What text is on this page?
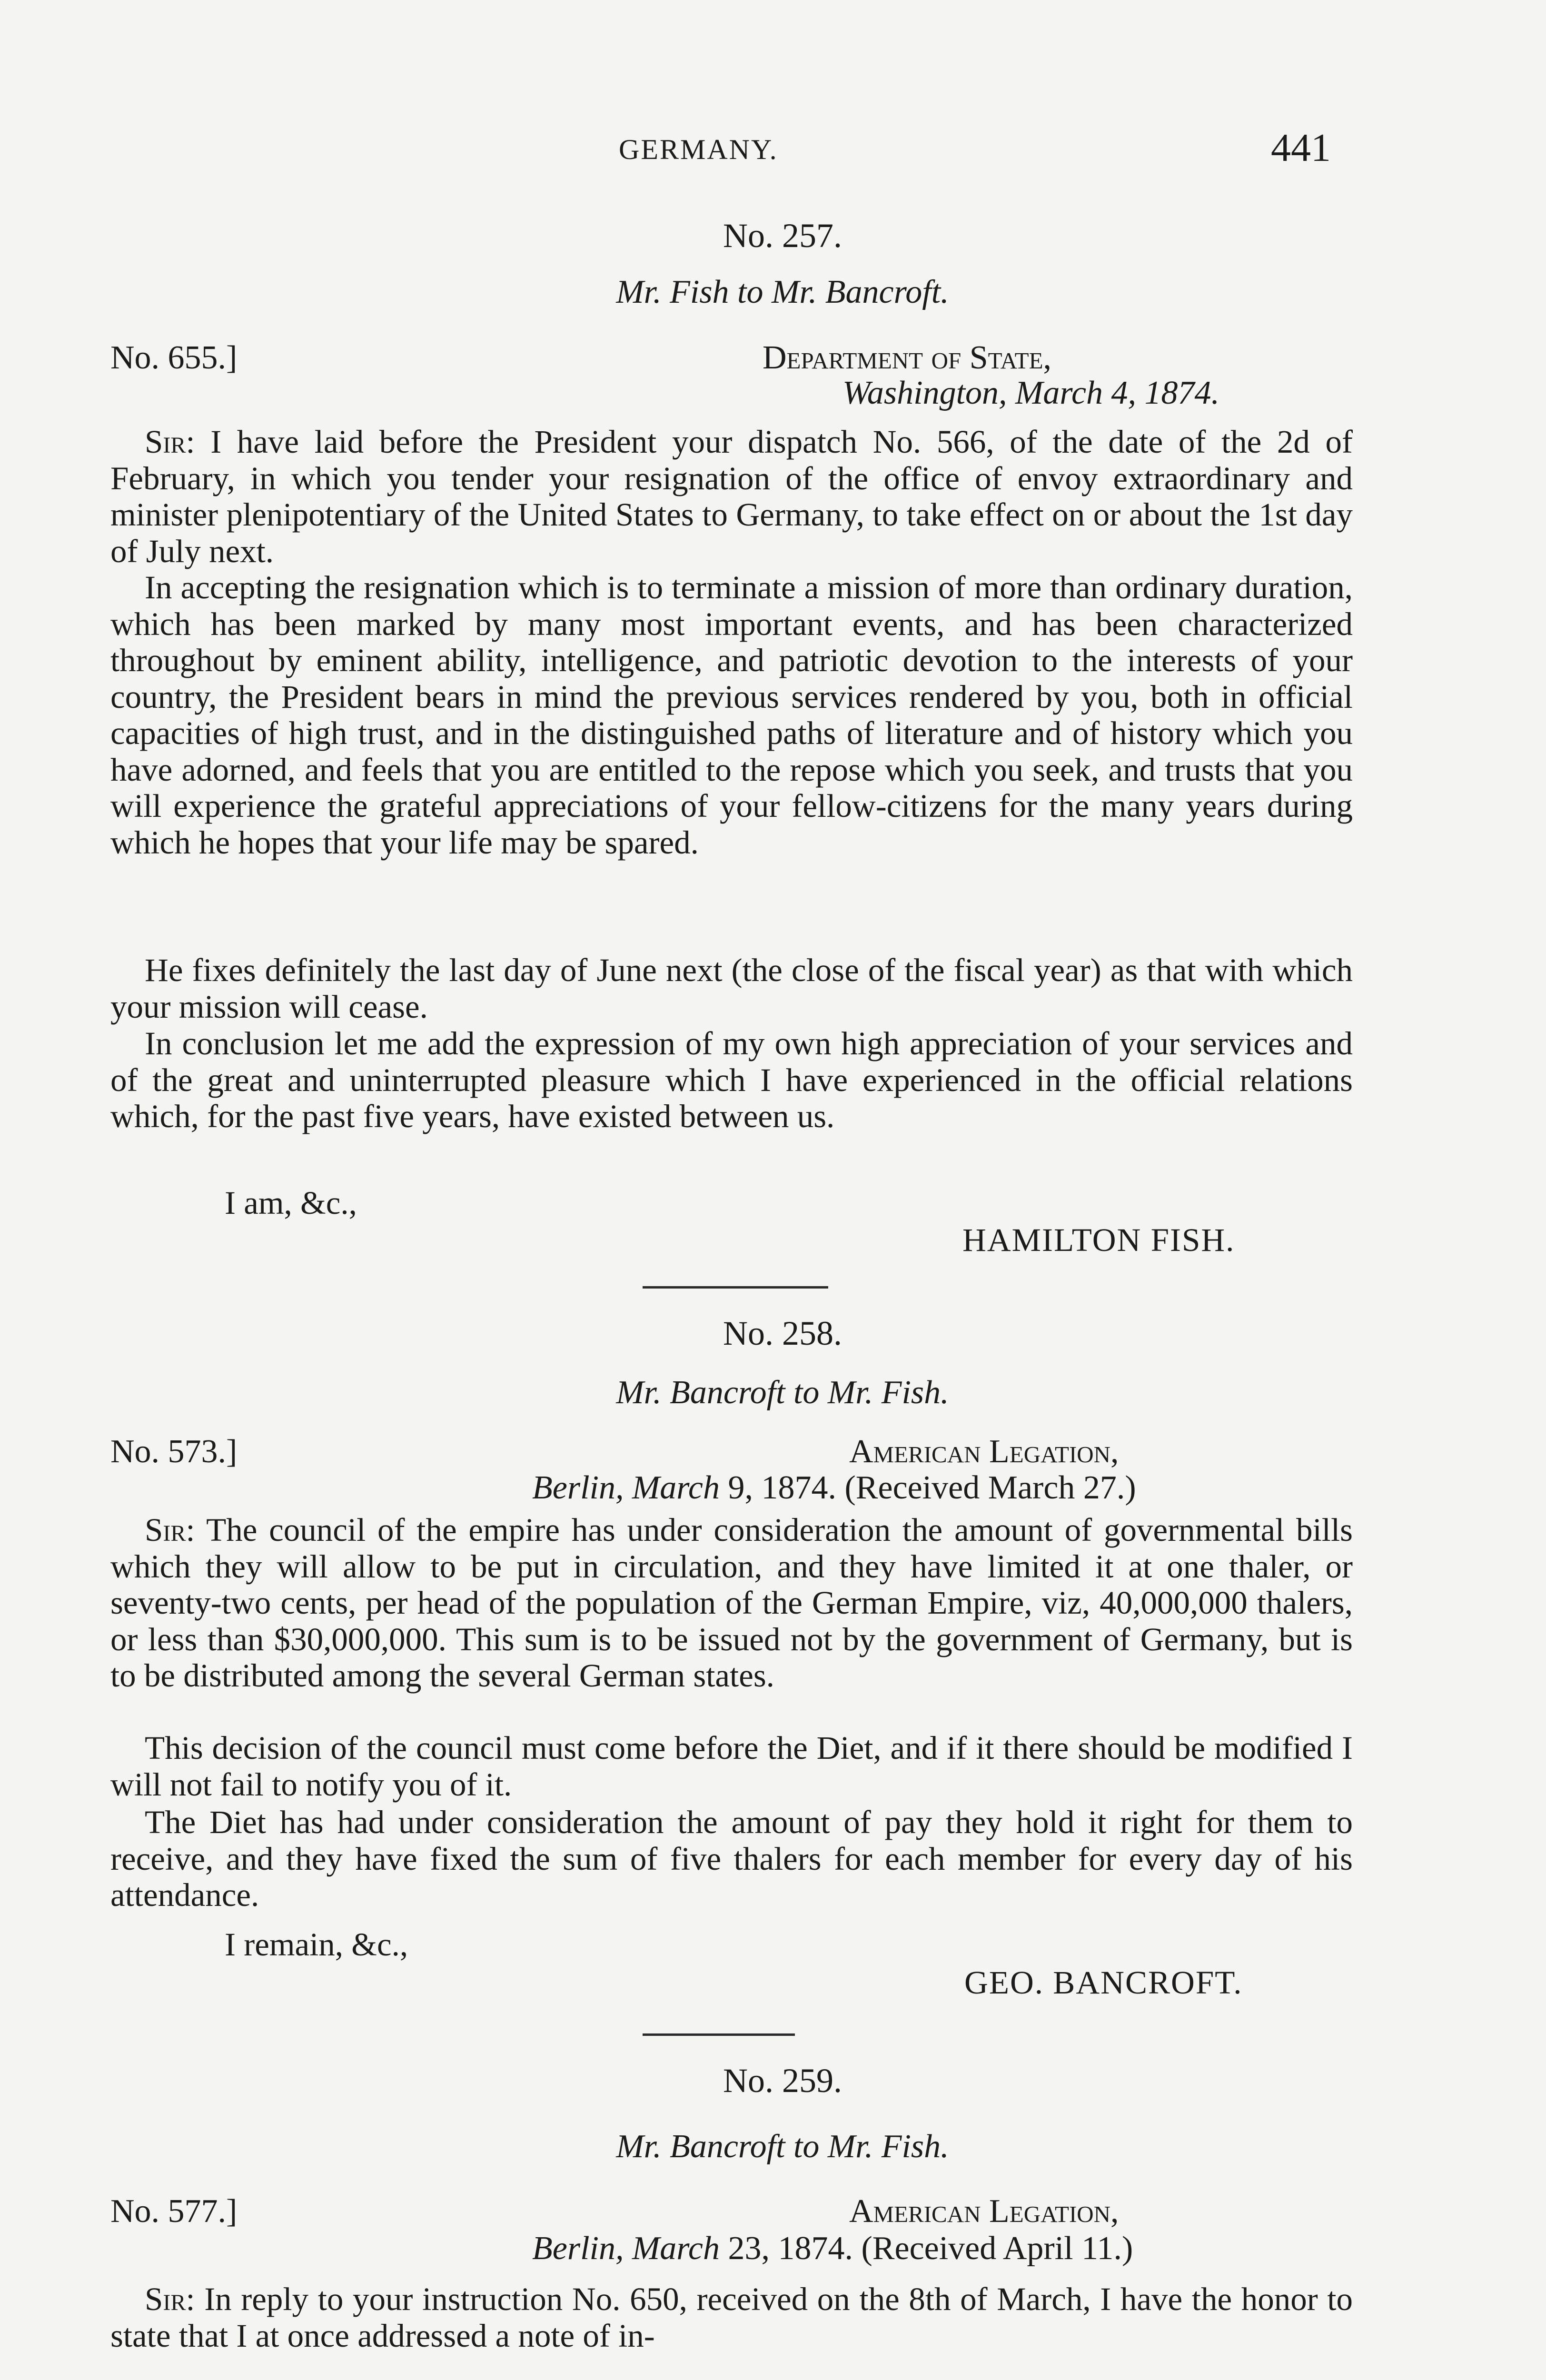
GERMANY.	441
No. 257.
Mr. Fish to Mr. Bancroft.
No. 655.]	Department of State,
Washington, March 4, 1874.
Sir: I have laid before the President your dispatch No. 566, of the date of the 2d of February, in which you tender your resignation of the office of envoy extraordinary and minister plenipotentiary of the United States to Germany, to take effect on or about the 1st day of July next.
In accepting the resignation which is to terminate a mission of more than ordinary duration, which has been marked by many most important events, and has been characterized throughout by eminent ability, intelligence, and patriotic devotion to the interests of your country, the President bears in mind the previous services rendered by you, both in official capacities of high trust, and in the distinguished paths of literature and of history which you have adorned, and feels that you are entitled to the repose which you seek, and trusts that you will experience the grateful appreciations of your fellow-citizens for the many years during which he hopes that your life may be spared.
He fixes definitely the last day of June next (the close of the fiscal year) as that with which your mission will cease.
In conclusion let me add the expression of my own high appreciation of your services and of the great and uninterrupted pleasure which I have experienced in the official relations which, for the past five years, have existed between us.
I am, &c.,
HAMILTON FISH.
No. 258.
Mr. Bancroft to Mr. Fish.
No. 573.]	American Legation,
Berlin, March 9, 1874. (Received March 27.)
Sir: The council of the empire has under consideration the amount of governmental bills which they will allow to be put in circulation, and they have limited it at one thaler, or seventy-two cents, per head of the population of the German Empire, viz, 40,000,000 thalers, or less than $30,000,000. This sum is to be issued not by the government of Germany, but is to be distributed among the several German states.
This decision of the council must come before the Diet, and if it there should be modified I will not fail to notify you of it.
The Diet has had under consideration the amount of pay they hold it right for them to receive, and they have fixed the sum of five thalers for each member for every day of his attendance.
I remain, &c.,
GEO. BANCROFT.
No. 259.
Mr. Bancroft to Mr. Fish.
No. 577.]	American Legation,
Berlin, March 23, 1874. (Received April 11.)
Sir: In reply to your instruction No. 650, received on the 8th of March, I have the honor to state that I at once addressed a note of in-
